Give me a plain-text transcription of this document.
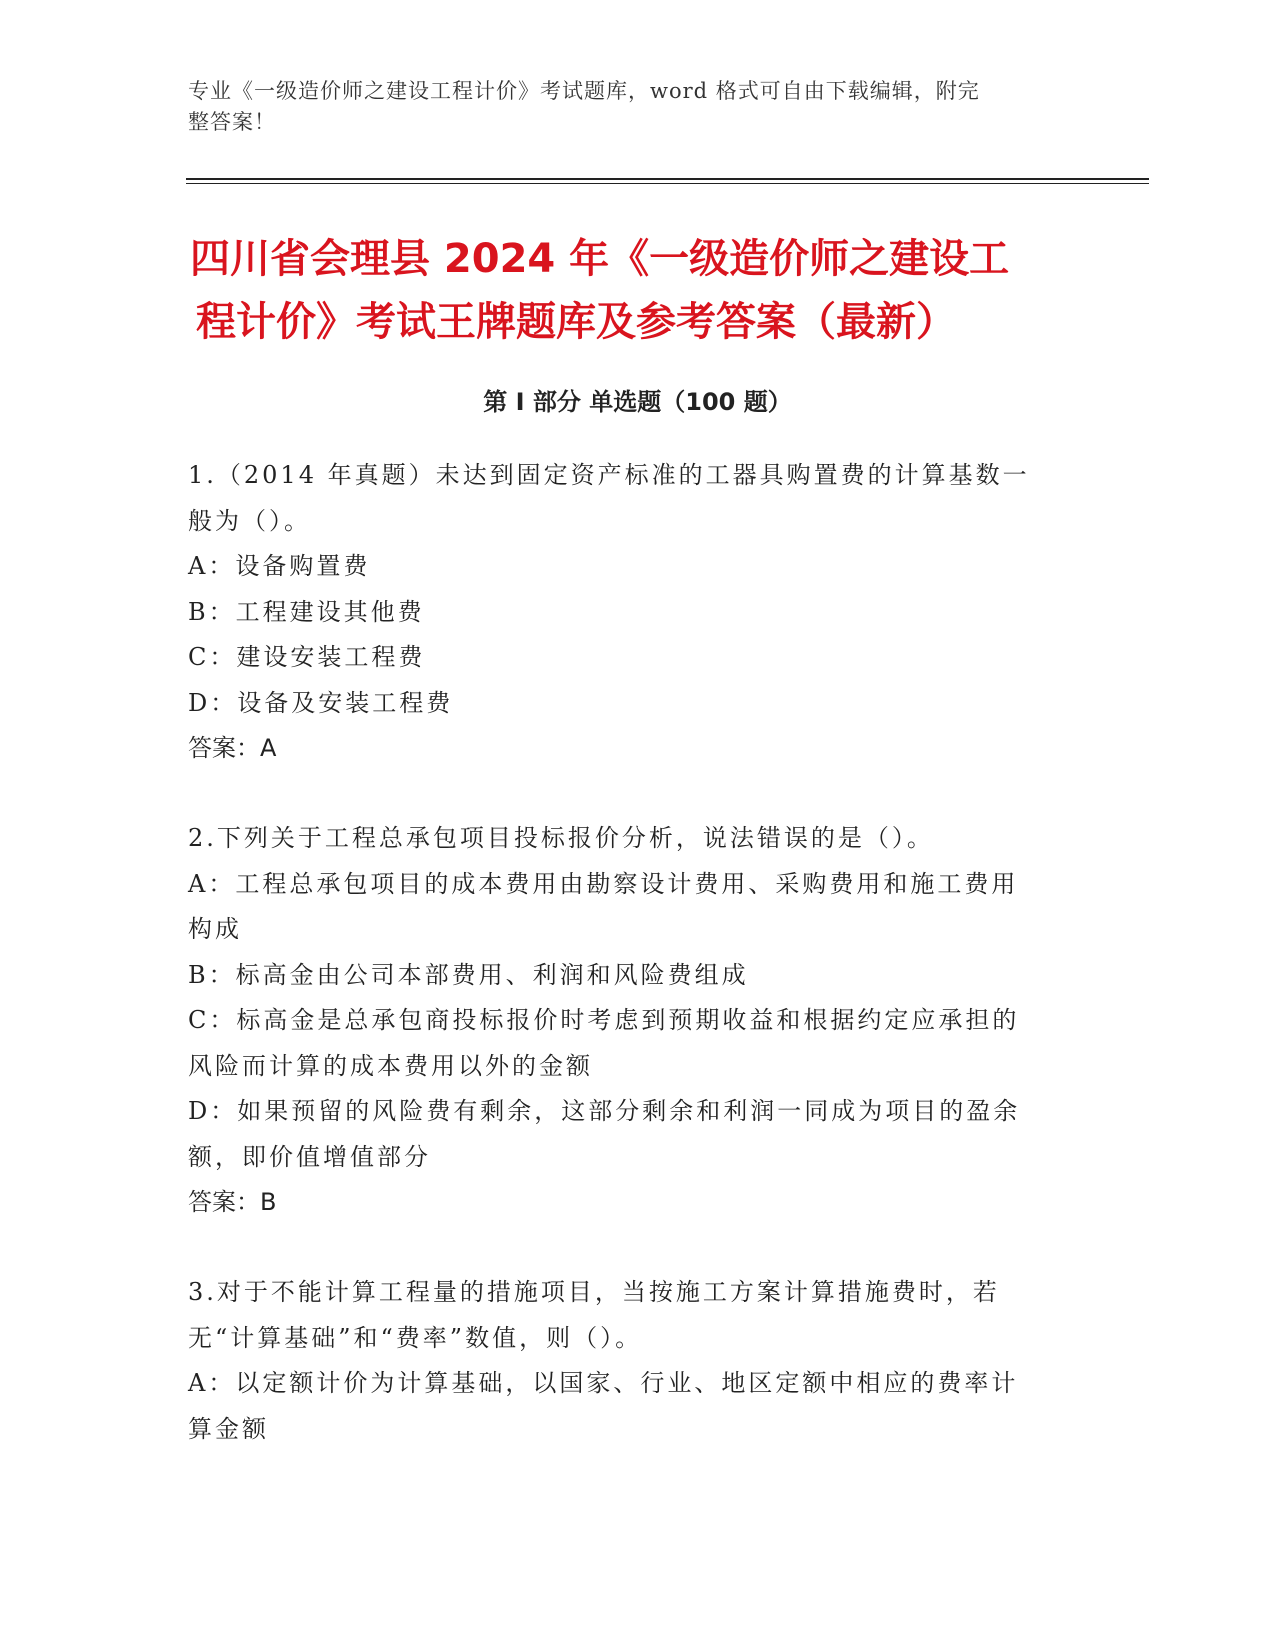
专业《一级造价师之建设工程计价》考试题库，word 格式可自由下载编辑，附完
整答案！
四川省会理县 2024 年《一级造价师之建设工
程计价》考试王牌题库及参考答案（最新）
第 I 部分 单选题（100 题）
1.（2014 年真题）未达到固定资产标准的工器具购置费的计算基数一
般为（）。
A：设备购置费
B：工程建设其他费
C：建设安装工程费
D：设备及安装工程费
答案：A
2.下列关于工程总承包项目投标报价分析，说法错误的是（）。
A：工程总承包项目的成本费用由勘察设计费用、采购费用和施工费用
构成
B：标高金由公司本部费用、利润和风险费组成
C：标高金是总承包商投标报价时考虑到预期收益和根据约定应承担的
风险而计算的成本费用以外的金额
D：如果预留的风险费有剩余，这部分剩余和利润一同成为项目的盈余
额，即价值增值部分
答案：B
3.对于不能计算工程量的措施项目，当按施工方案计算措施费时，若
无“计算基础”和“费率”数值，则（）。
A：以定额计价为计算基础，以国家、行业、地区定额中相应的费率计
算金额
